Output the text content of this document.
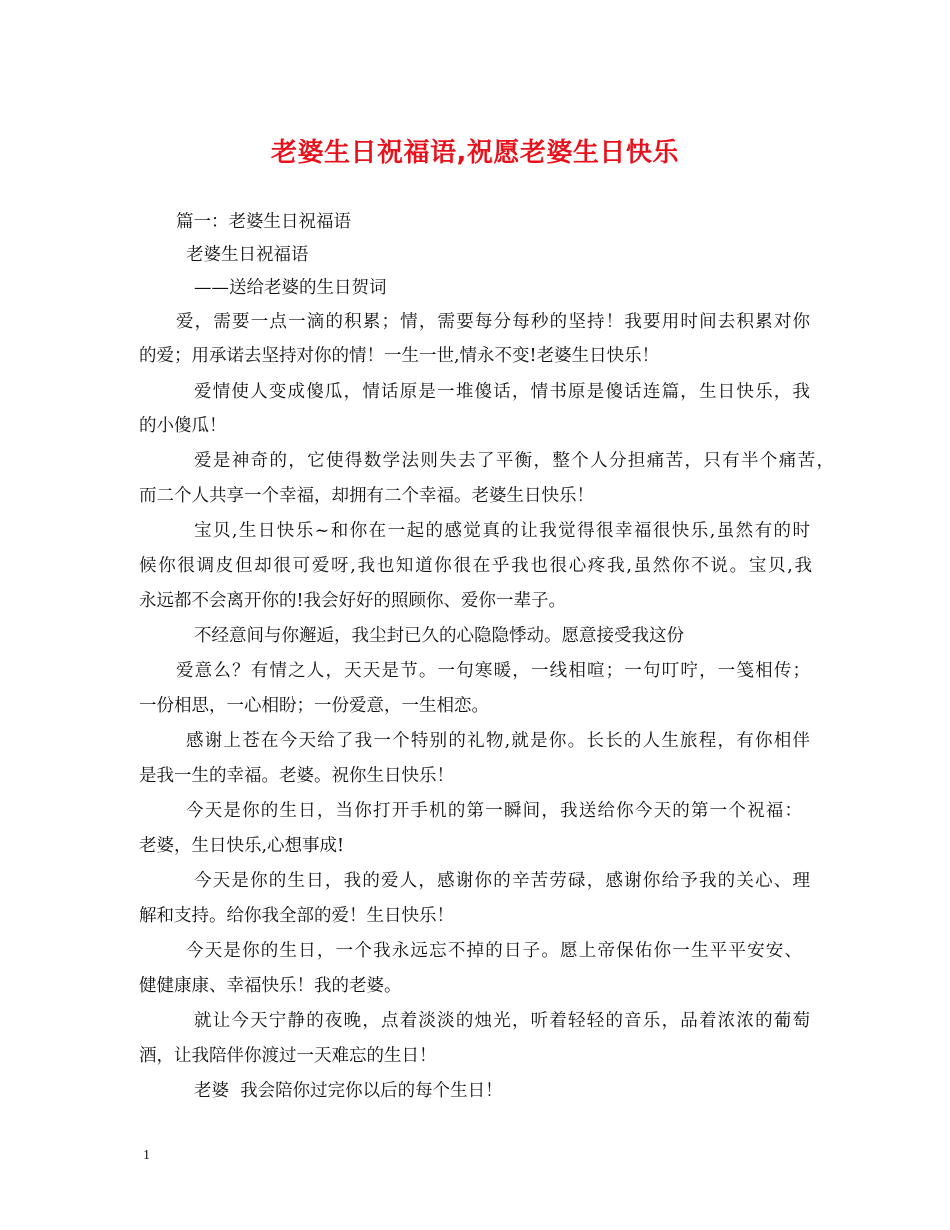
老婆生日祝福语,祝愿老婆生日快乐
篇一：老婆生日祝福语
老婆生日祝福语
——送给老婆的生日贺词
爱，需要一点一滴的积累；情，需要每分每秒的坚持！我要用时间去积累对你
的爱；用承诺去坚持对你的情！一生一世,情永不变!老婆生日快乐！
爱情使人变成傻瓜，情话原是一堆傻话，情书原是傻话连篇，生日快乐，我
的小傻瓜！
爱是神奇的，它使得数学法则失去了平衡，整个人分担痛苦，只有半个痛苦，
而二个人共享一个幸福，却拥有二个幸福。老婆生日快乐！
宝贝,生日快乐~和你在一起的感觉真的让我觉得很幸福很快乐,虽然有的时
候你很调皮但却很可爱呀,我也知道你很在乎我也很心疼我,虽然你不说。宝贝,我
永远都不会离开你的!我会好好的照顾你、爱你一辈子。
不经意间与你邂逅，我尘封已久的心隐隐悸动。愿意接受我这份
爱意么？有情之人，天天是节。一句寒暖，一线相喧；一句叮咛，一笺相传；
一份相思，一心相盼；一份爱意，一生相恋。
感谢上苍在今天给了我一个特别的礼物,就是你。长长的人生旅程，有你相伴
是我一生的幸福。老婆。祝你生日快乐！
今天是你的生日，当你打开手机的第一瞬间，我送给你今天的第一个祝福：
老婆，生日快乐,心想事成!
今天是你的生日，我的爱人，感谢你的辛苦劳碌，感谢你给予我的关心、理
解和支持。给你我全部的爱！生日快乐！
今天是你的生日，一个我永远忘不掉的日子。愿上帝保佑你一生平平安安、
健健康康、幸福快乐！我的老婆。
就让今天宁静的夜晚，点着淡淡的烛光，听着轻轻的音乐，品着浓浓的葡萄
酒，让我陪伴你渡过一天难忘的生日！
老婆  我会陪你过完你以后的每个生日！
1
